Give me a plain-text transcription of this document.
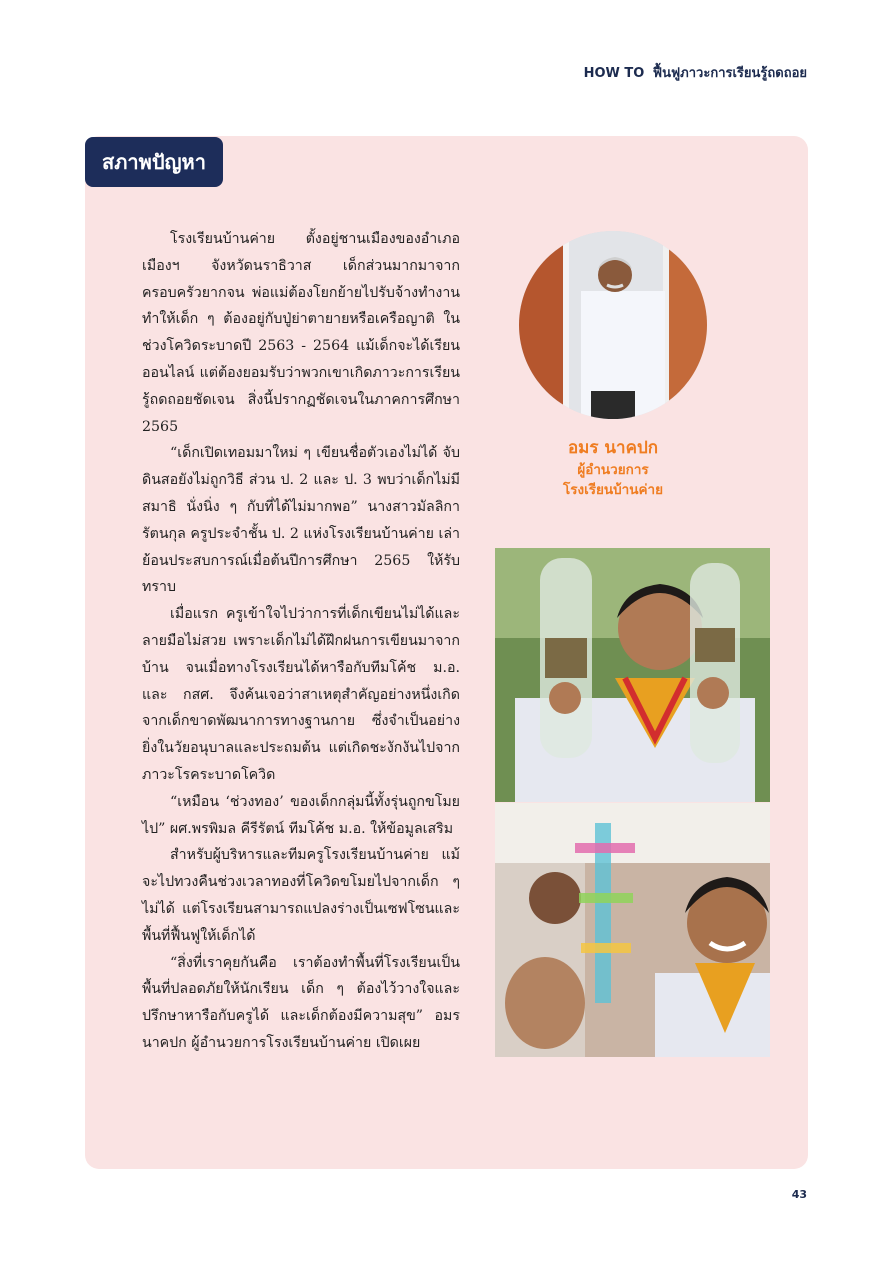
HOW TO ฟื้นฟูภาวะการเรียนรู้ถดถอย
สภาพปัญหา

โรงเรียนบ้านค่าย ตั้งอยู่ชานเมืองของอำเภอเมืองฯ จังหวัดนราธิวาส เด็กส่วนมากมาจากครอบครัวยากจน พ่อแม่ต้องโยกย้ายไปรับจ้างทำงาน ทำให้เด็ก ๆ ต้องอยู่กับปู่ย่าตายายหรือเครือญาติ ในช่วงโควิดระบาดปี 2563 - 2564 แม้เด็กจะได้เรียนออนไลน์ แต่ต้องยอมรับว่าพวกเขาเกิดภาวะการเรียนรู้ถดถอยชัดเจน สิ่งนี้ปรากฏชัดเจนในภาคการศึกษา 2565

“เด็กเปิดเทอมมาใหม่ ๆ เขียนชื่อตัวเองไม่ได้ จับดินสอยังไม่ถูกวิธี ส่วน ป. 2 และ ป. 3 พบว่าเด็กไม่มีสมาธิ นั่งนิ่ง ๆ กับที่ได้ไม่มากพอ” นางสาวมัลลิกา รัตนกุล ครูประจำชั้น ป. 2 แห่งโรงเรียนบ้านค่าย เล่าย้อนประสบการณ์เมื่อต้นปีการศึกษา 2565 ให้รับทราบ

เมื่อแรก ครูเข้าใจไปว่าการที่เด็กเขียนไม่ได้และลายมือไม่สวย เพราะเด็กไม่ได้ฝึกฝนการเขียนมาจากบ้าน จนเมื่อทางโรงเรียนได้หารือกับทีมโค้ช ม.อ. และ กสศ. จึงค้นเจอว่าสาเหตุสำคัญอย่างหนึ่งเกิดจากเด็กขาดพัฒนาการทางฐานกาย ซึ่งจำเป็นอย่างยิ่งในวัยอนุบาลและประถมต้น แต่เกิดชะงักงันไปจากภาวะโรคระบาดโควิด

“เหมือน ‘ช่วงทอง’ ของเด็กกลุ่มนี้ทั้งรุ่นถูกขโมยไป” ผศ.พรพิมล คีรีรัตน์ ทีมโค้ช ม.อ. ให้ข้อมูลเสริม

สำหรับผู้บริหารและทีมครูโรงเรียนบ้านค่าย แม้จะไปทวงคืนช่วงเวลาทองที่โควิดขโมยไปจากเด็ก ๆ ไม่ได้ แต่โรงเรียนสามารถแปลงร่างเป็นเซฟโซนและพื้นที่ฟื้นฟูให้เด็กได้

“สิ่งที่เราคุยกันคือ เราต้องทำพื้นที่โรงเรียนเป็นพื้นที่ปลอดภัยให้นักเรียน เด็ก ๆ ต้องไว้วางใจและปรึกษาหารือกับครูได้ และเด็กต้องมีความสุข” อมร นาคปก ผู้อำนวยการโรงเรียนบ้านค่าย เปิดเผย

อมร นาคปก
ผู้อำนวยการ
โรงเรียนบ้านค่าย
43
